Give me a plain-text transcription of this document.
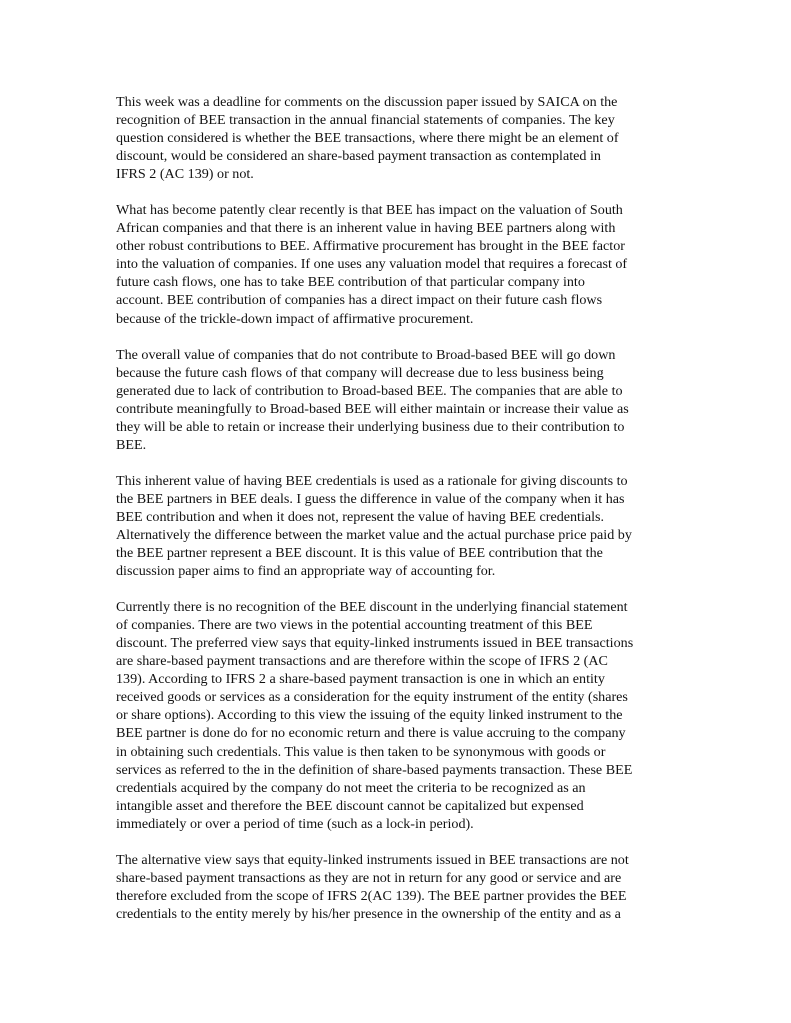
This week was a deadline for comments on the discussion paper issued by SAICA on the
recognition of BEE transaction in the annual financial statements of companies. The key
question considered is whether the BEE transactions, where there might be an element of
discount, would be considered an share-based payment transaction as contemplated in
IFRS 2 (AC 139) or not.

What has become patently clear recently is that BEE has impact on the valuation of South
African companies and that there is an inherent value in having BEE partners along with
other robust contributions to BEE. Affirmative procurement has brought in the BEE factor
into the valuation of companies. If one uses any valuation model that requires a forecast of
future cash flows, one has to take BEE contribution of that particular company into
account. BEE contribution of companies has a direct impact on their future cash flows
because of the trickle-down impact of affirmative procurement.

The overall value of companies that do not contribute to Broad-based BEE will go down
because the future cash flows of that company will decrease due to less business being
generated due to lack of contribution to Broad-based BEE. The companies that are able to
contribute meaningfully to Broad-based BEE will either maintain or increase their value as
they will be able to retain or increase their underlying business due to their contribution to
BEE.

This inherent value of having BEE credentials is used as a rationale for giving discounts to
the BEE partners in BEE deals. I guess the difference in value of the company when it has
BEE contribution and when it does not, represent the value of having BEE credentials.
Alternatively the difference between the market value and the actual purchase price paid by
the BEE partner represent a BEE discount. It is this value of BEE contribution that the
discussion paper aims to find an appropriate way of accounting for.

Currently there is no recognition of the BEE discount in the underlying financial statement
of companies. There are two views in the potential accounting treatment of this BEE
discount. The preferred view says that equity-linked instruments issued in BEE transactions
are share-based payment transactions and are therefore within the scope of IFRS 2 (AC
139). According to IFRS 2 a share-based payment transaction is one in which an entity
received goods or services as a consideration for the equity instrument of the entity (shares
or share options). According to this view the issuing of the equity linked instrument to the
BEE partner is done do for no economic return and there is value accruing to the company
in obtaining such credentials. This value is then taken to be synonymous with goods or
services as referred to the in the definition of share-based payments transaction. These BEE
credentials acquired by the company do not meet the criteria to be recognized as an
intangible asset and therefore the BEE discount cannot be capitalized but expensed
immediately or over a period of time (such as a lock-in period).

The alternative view says that equity-linked instruments issued in BEE transactions are not
share-based payment transactions as they are not in return for any good or service and are
therefore excluded from the scope of IFRS 2(AC 139). The BEE partner provides the BEE
credentials to the entity merely by his/her presence in the ownership of the entity and as a
